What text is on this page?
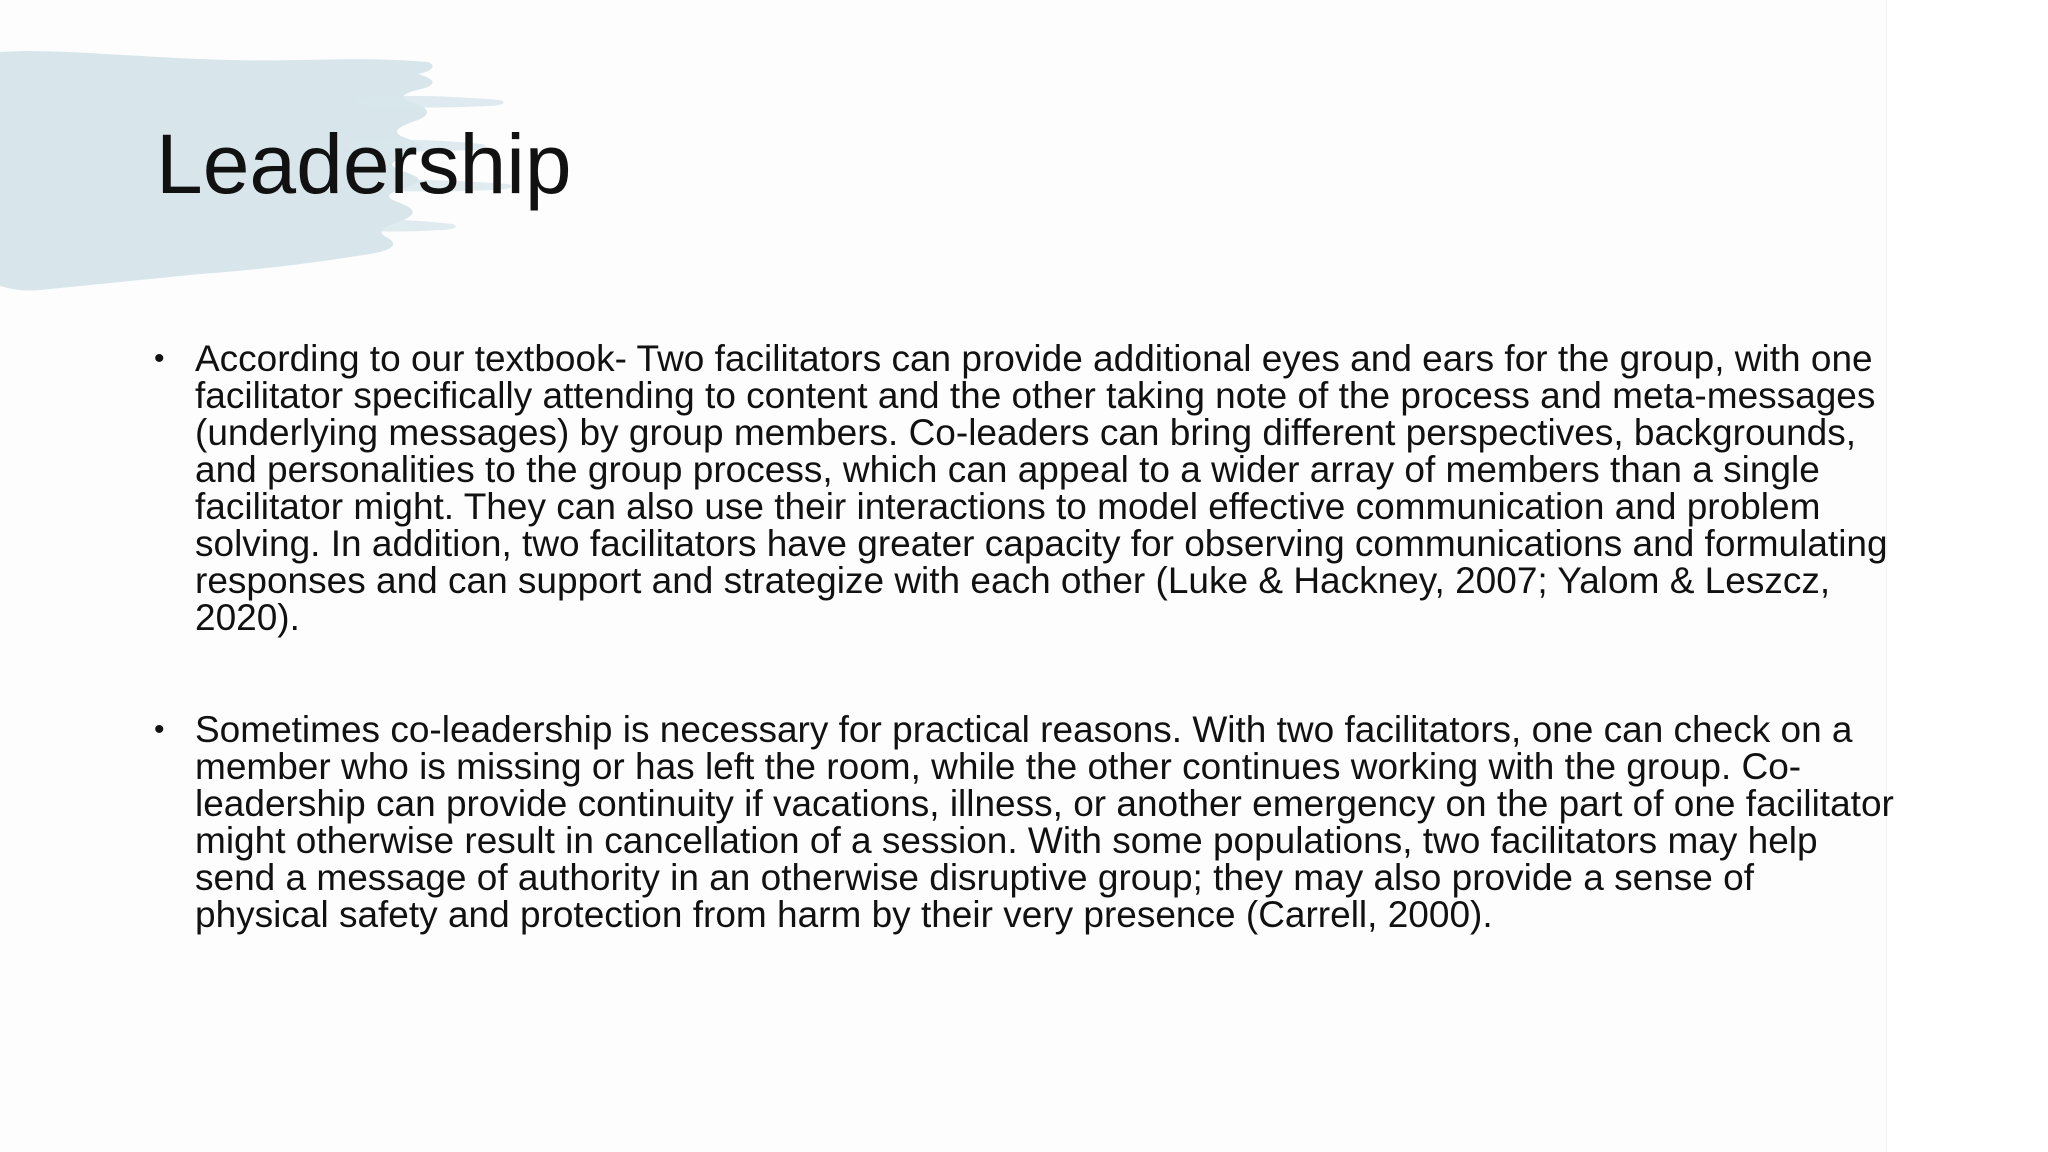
Leadership
• According to our textbook- Two facilitators can provide additional eyes and ears for the group, with one facilitator specifically attending to content and the other taking note of the process and meta-messages (underlying messages) by group members. Co-leaders can bring different perspectives, backgrounds, and personalities to the group process, which can appeal to a wider array of members than a single facilitator might. They can also use their interactions to model effective communication and problem solving. In addition, two facilitators have greater capacity for observing communications and formulating responses and can support and strategize with each other (Luke & Hackney, 2007; Yalom & Leszcz, 2020).
• Sometimes co-leadership is necessary for practical reasons. With two facilitators, one can check on a member who is missing or has left the room, while the other continues working with the group. Co-leadership can provide continuity if vacations, illness, or another emergency on the part of one facilitator might otherwise result in cancellation of a session. With some populations, two facilitators may help send a message of authority in an otherwise disruptive group; they may also provide a sense of physical safety and protection from harm by their very presence (Carrell, 2000).
